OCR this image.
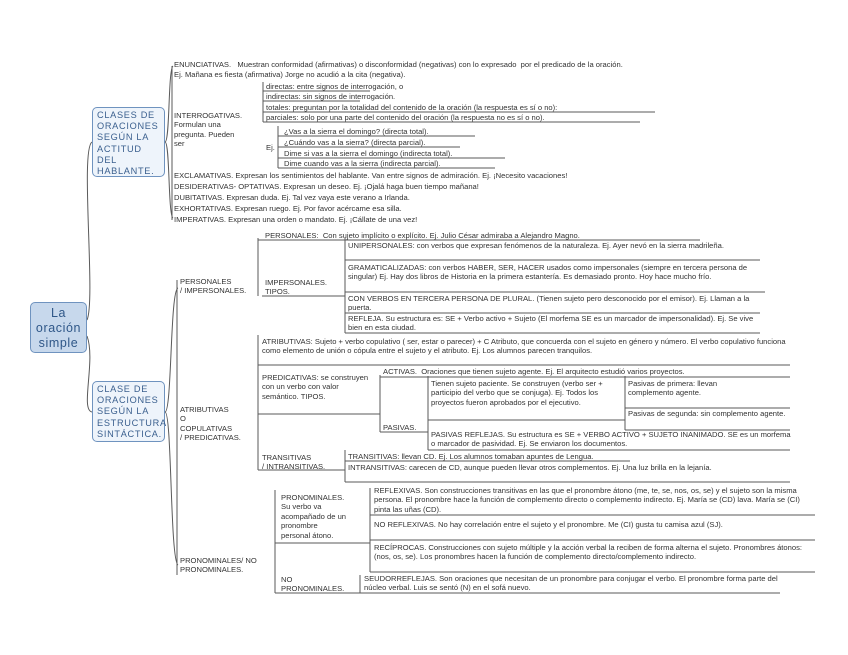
La
oración
simple
CLASES DE
ORACIONES
SEGÚN LA
ACTITUD
DEL
HABLANTE.
CLASE DE
ORACIONES
SEGÚN LA
ESTRUCTURA
SINTÁCTICA.
ENUNCIATIVAS.   Muestran conformidad (afirmativas) o disconformidad (negativas) con lo expresado  por el predicado de la oración.
Ej. Mañana es fiesta (afirmativa) Jorge no acudió a la cita (negativa).
INTERROGATIVAS.
Formulan una
pregunta. Pueden
ser
directas: entre signos de interrogación, o
indirectas: sin signos de interrogación.
totales: preguntan por la totalidad del contenido de la oración (la respuesta es sí o no):
parciales: solo por una parte del contenido del oración (la respuesta no es sí o no).
Ej.
¿Vas a la sierra el domingo? (directa total).
¿Cuándo vas a la sierra? (directa parcial).
Dime si vas a la sierra el domingo (indirecta total).
Dime cuando vas a la sierra (indirecta parcial).
EXCLAMATIVAS. Expresan los sentimientos del hablante. Van entre signos de admiración. Ej. ¡Necesito vacaciones!
DESIDERATIVAS- OPTATIVAS. Expresan un deseo. Ej. ¡Ojalá haga buen tiempo mañana!
DUBITATIVAS. Expresan duda. Ej. Tal vez vaya este verano a Irlanda.
EXHORTATIVAS. Expresan ruego. Ej. Por favor acércame esa silla.
IMPERATIVAS. Expresan una orden o mandato. Ej. ¡Cállate de una vez!
PERSONALES
/ IMPERSONALES.
PERSONALES:  Con sujeto implícito o explícito. Ej. Julio César admiraba a Alejandro Magno.
IMPERSONALES.
TIPOS.
UNIPERSONALES: con verbos que expresan fenómenos de la naturaleza. Ej. Ayer nevó en la sierra madrileña.
GRAMATICALIZADAS: con verbos HABER, SER, HACER usados como impersonales (siempre en tercera persona de singular) Ej. Hay dos libros de Historia en la primera estantería. Es demasiado pronto. Hoy hace mucho frío.
CON VERBOS EN TERCERA PERSONA DE PLURAL. (Tienen sujeto pero desconocido por el emisor). Ej. Llaman a la puerta.
REFLEJA. Su estructura es: SE + Verbo activo + Sujeto (El morfema SE es un marcador de impersonalidad). Ej. Se vive bien en esta ciudad.
ATRIBUTIVAS
O
COPULATIVAS
/ PREDICATIVAS.
ATRIBUTIVAS: Sujeto + verbo copulativo ( ser, estar o parecer) + C Atributo, que concuerda con el sujeto en género y número. El verbo copulativo funciona como elemento de unión o cópula entre el sujeto y el atributo. Ej. Los alumnos parecen tranquilos.
PREDICATIVAS: se construyen con un verbo con valor semántico. TIPOS.
ACTIVAS.  Oraciones que tienen sujeto agente. Ej. El arquitecto estudió varios proyectos.
PASIVAS.
Tienen sujeto paciente. Se construyen (verbo ser + participio del verbo que se conjuga). Ej. Todos los proyectos fueron aprobados por el ejecutivo.
Pasivas de primera: llevan complemento agente.
Pasivas de segunda: sin complemento agente.
PASIVAS REFLEJAS. Su estructura es SE + VERBO ACTIVO + SUJETO INANIMADO. SE es un morfema o marcador de pasividad. Ej. Se enviaron los documentos.
TRANSITIVAS
/ INTRANSITIVAS.
TRANSITIVAS: llevan CD. Ej. Los alumnos tomaban apuntes de Lengua.
INTRANSITIVAS: carecen de CD, aunque pueden llevar otros complementos. Ej. Una luz brilla en la lejanía.
PRONOMINALES/ NO
PRONOMINALES.
PRONOMINALES.
Su verbo va
acompañado de un
pronombre
personal átono.
REFLEXIVAS. Son construcciones transitivas en las que el pronombre átono (me, te, se, nos, os, se) y el sujeto son la misma persona. El pronombre hace la función de complemento directo o complemento indirecto. Ej. María se (CD) lava. María se (CI) pinta las uñas (CD).
NO REFLEXIVAS. No hay correlación entre el sujeto y el pronombre. Me (CI) gusta tu camisa azul (SJ).
RECÍPROCAS. Construcciones con sujeto múltiple y la acción verbal la reciben de forma alterna el sujeto. Pronombres átonos: (nos, os, se). Los pronombres hacen la función de complemento directo/complemento indirecto.
NO
PRONOMINALES.
SEUDORREFLEJAS. Son oraciones que necesitan de un pronombre para conjugar el verbo. El pronombre forma parte del núcleo verbal. Luis se sentó (N) en el sofá nuevo.
